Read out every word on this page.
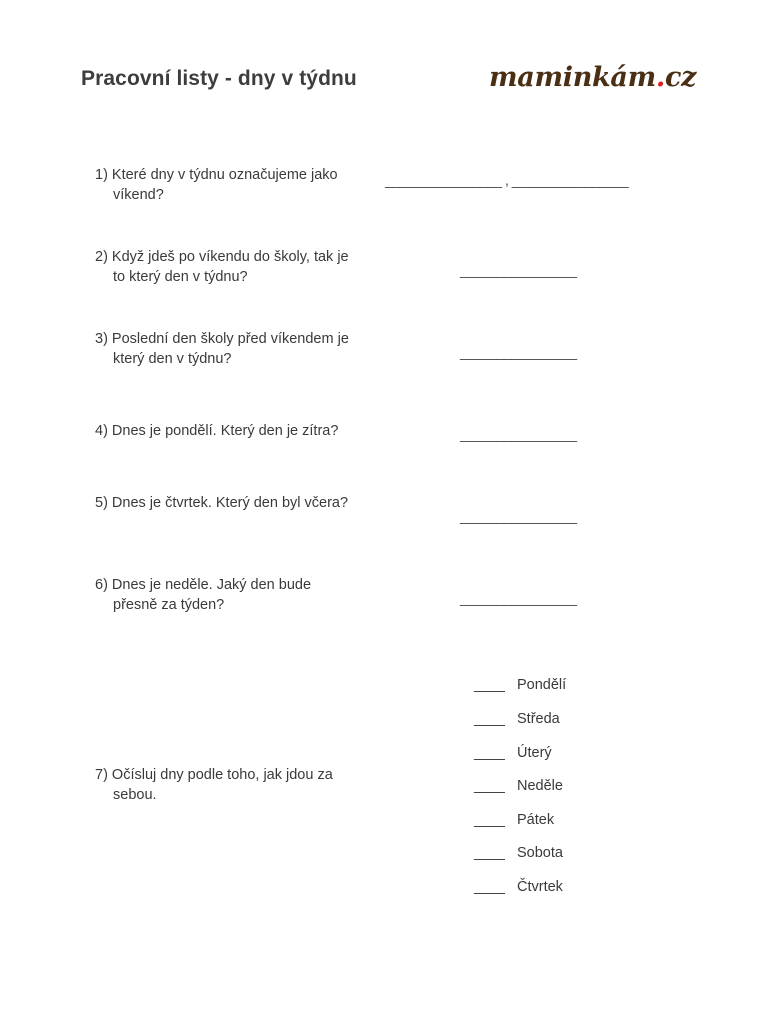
Pracovní listy - dny v týdnu	maminkám.cz
1) Které dny v týdnu označujeme jako víkend?
________________ , ________________
2) Když jdeš po víkendu do školy, tak je to který den v týdnu?	________________
3) Poslední den školy před víkendem je který den v týdnu?	________________
4) Dnes je pondělí. Který den je zítra?	________________
5) Dnes je čtvrtek. Který den byl včera?
________________
6) Dnes je neděle. Jaký den bude přesně za týden?	________________
7) Očísluj dny podle toho, jak jdou za sebou.
____ Pondělí
____ Středa
____ Úterý
____ Neděle
____ Pátek
____ Sobota
____ Čtvrtek
